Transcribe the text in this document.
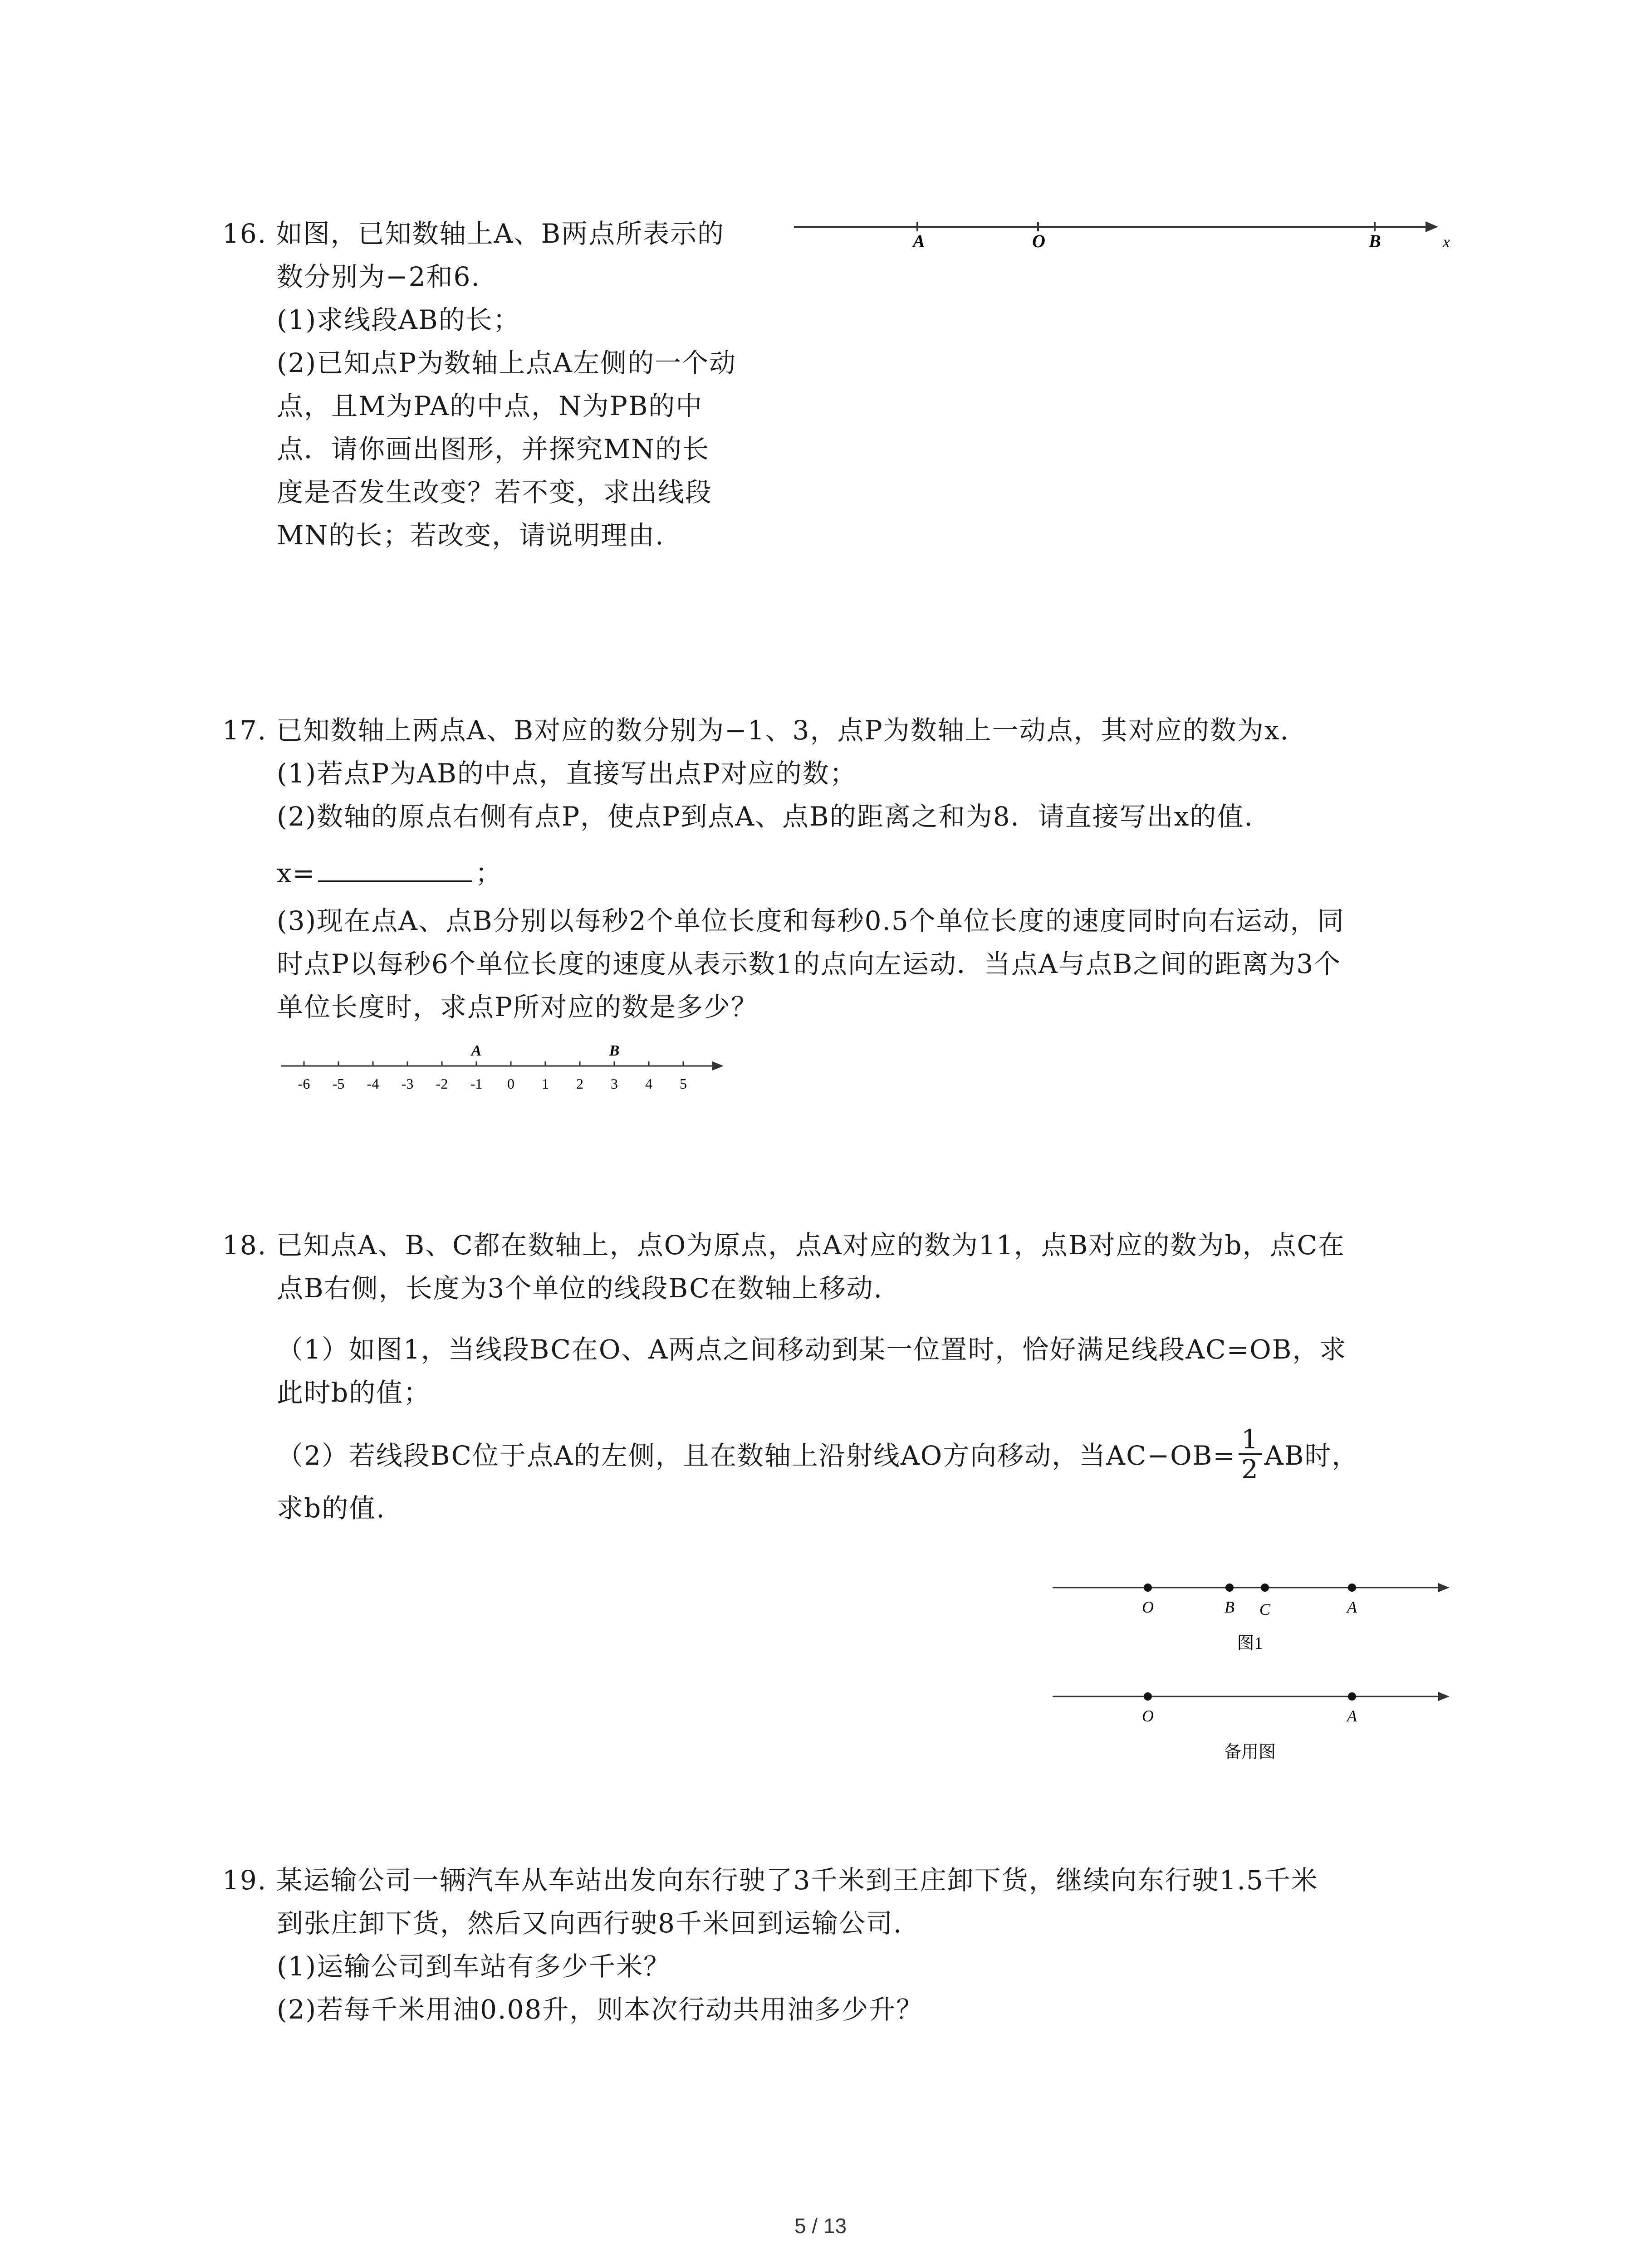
16. 如图，已知数轴上A、B两点所表示的
数分别为−2和6.
(1)求线段AB的长；
(2)已知点P为数轴上点A左侧的一个动
点，且M为PA的中点，N为PB的中
点．请你画出图形，并探究MN的长
度是否发生改变？若不变，求出线段
MN的长；若改变，请说明理由.
A	O	B	x
17. 已知数轴上两点A、B对应的数分别为−1、3，点P为数轴上一动点，其对应的数为x.
(1)若点P为AB的中点，直接写出点P对应的数；
(2)数轴的原点右侧有点P，使点P到点A、点B的距离之和为8．请直接写出x的值.
x=	；
(3)现在点A、点B分别以每秒2个单位长度和每秒0.5个单位长度的速度同时向右运动，同
时点P以每秒6个单位长度的速度从表示数1的点向左运动．当点A与点B之间的距离为3个
单位长度时，求点P所对应的数是多少？
-6 -5 -4 -3 -2 -1 0 1 2 3 4 5
A	B
18. 已知点A、B、C都在数轴上，点O为原点，点A对应的数为11，点B对应的数为b，点C在
点B右侧，长度为3个单位的线段BC在数轴上移动.
（1）如图1，当线段BC在O、A两点之间移动到某一位置时，恰好满足线段AC=OB，求
此时b的值；
（2）若线段BC位于点A的左侧，且在数轴上沿射线AO方向移动，当$AC-OB= \frac{1}{2}$ AB时，
求b的值.
O	B C	A
图1
O	A
备用图
19. 某运输公司一辆汽车从车站出发向东行驶了3千米到王庄卸下货，继续向东行驶1.5千米
到张庄卸下货，然后又向西行驶8千米回到运输公司.
(1)运输公司到车站有多少千米？
(2)若每千米用油0.08升，则本次行动共用油多少升？
5 / 13
